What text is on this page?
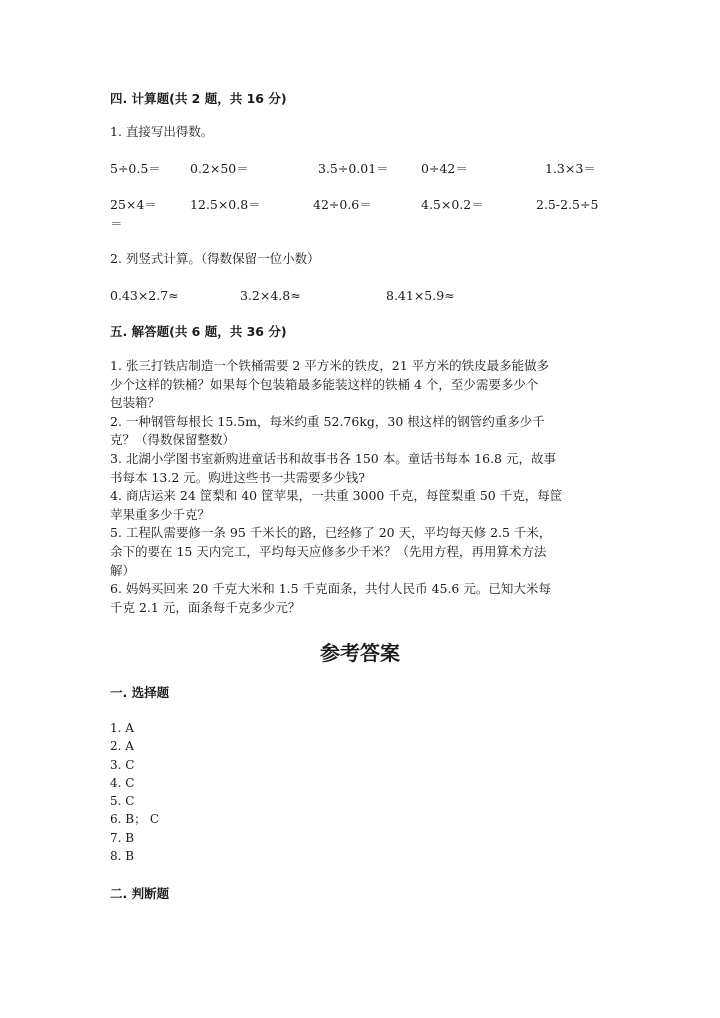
四. 计算题(共 2 题，共 16 分)
1. 直接写出得数。
5÷0.5＝ 0.2×50＝	3.5÷0.01＝	0÷42＝	1.3×3＝
25×4＝	12.5×0.8＝	42÷0.6＝	4.5×0.2＝	2.5-2.5÷5
＝
2. 列竖式计算。（得数保留一位小数）
0.43×2.7≈	3.2×4.8≈	8.41×5.9≈
五. 解答题(共 6 题，共 36 分)
1. 张三打铁店制造一个铁桶需要 2 平方米的铁皮，21 平方米的铁皮最多能做多
少个这样的铁桶？如果每个包装箱最多能装这样的铁桶 4 个，至少需要多少个
包装箱？
2. 一种钢管每根长 15.5m，每米约重 52.76kg，30 根这样的钢管约重多少千
克？（得数保留整数）
3. 北湖小学图书室新购进童话书和故事书各 150 本。童话书每本 16.8 元，故事
书每本 13.2 元。购进这些书一共需要多少钱?
4. 商店运来 24 筐梨和 40 筐苹果，一共重 3000 千克，每筐梨重 50 千克，每筐
苹果重多少千克？
5. 工程队需要修一条 95 千米长的路，已经修了 20 天，平均每天修 2.5 千米，
余下的要在 15 天内完工，平均每天应修多少千米？（先用方程，再用算术方法
解）
6. 妈妈买回来 20 千克大米和 1.5 千克面条，共付人民币 45.6 元。已知大米每
千克 2.1 元，面条每千克多少元？
参考答案
一. 选择题
1. A
2. A
3. C
4. C
5. C
6. B； C
7. B
8. B
二. 判断题
